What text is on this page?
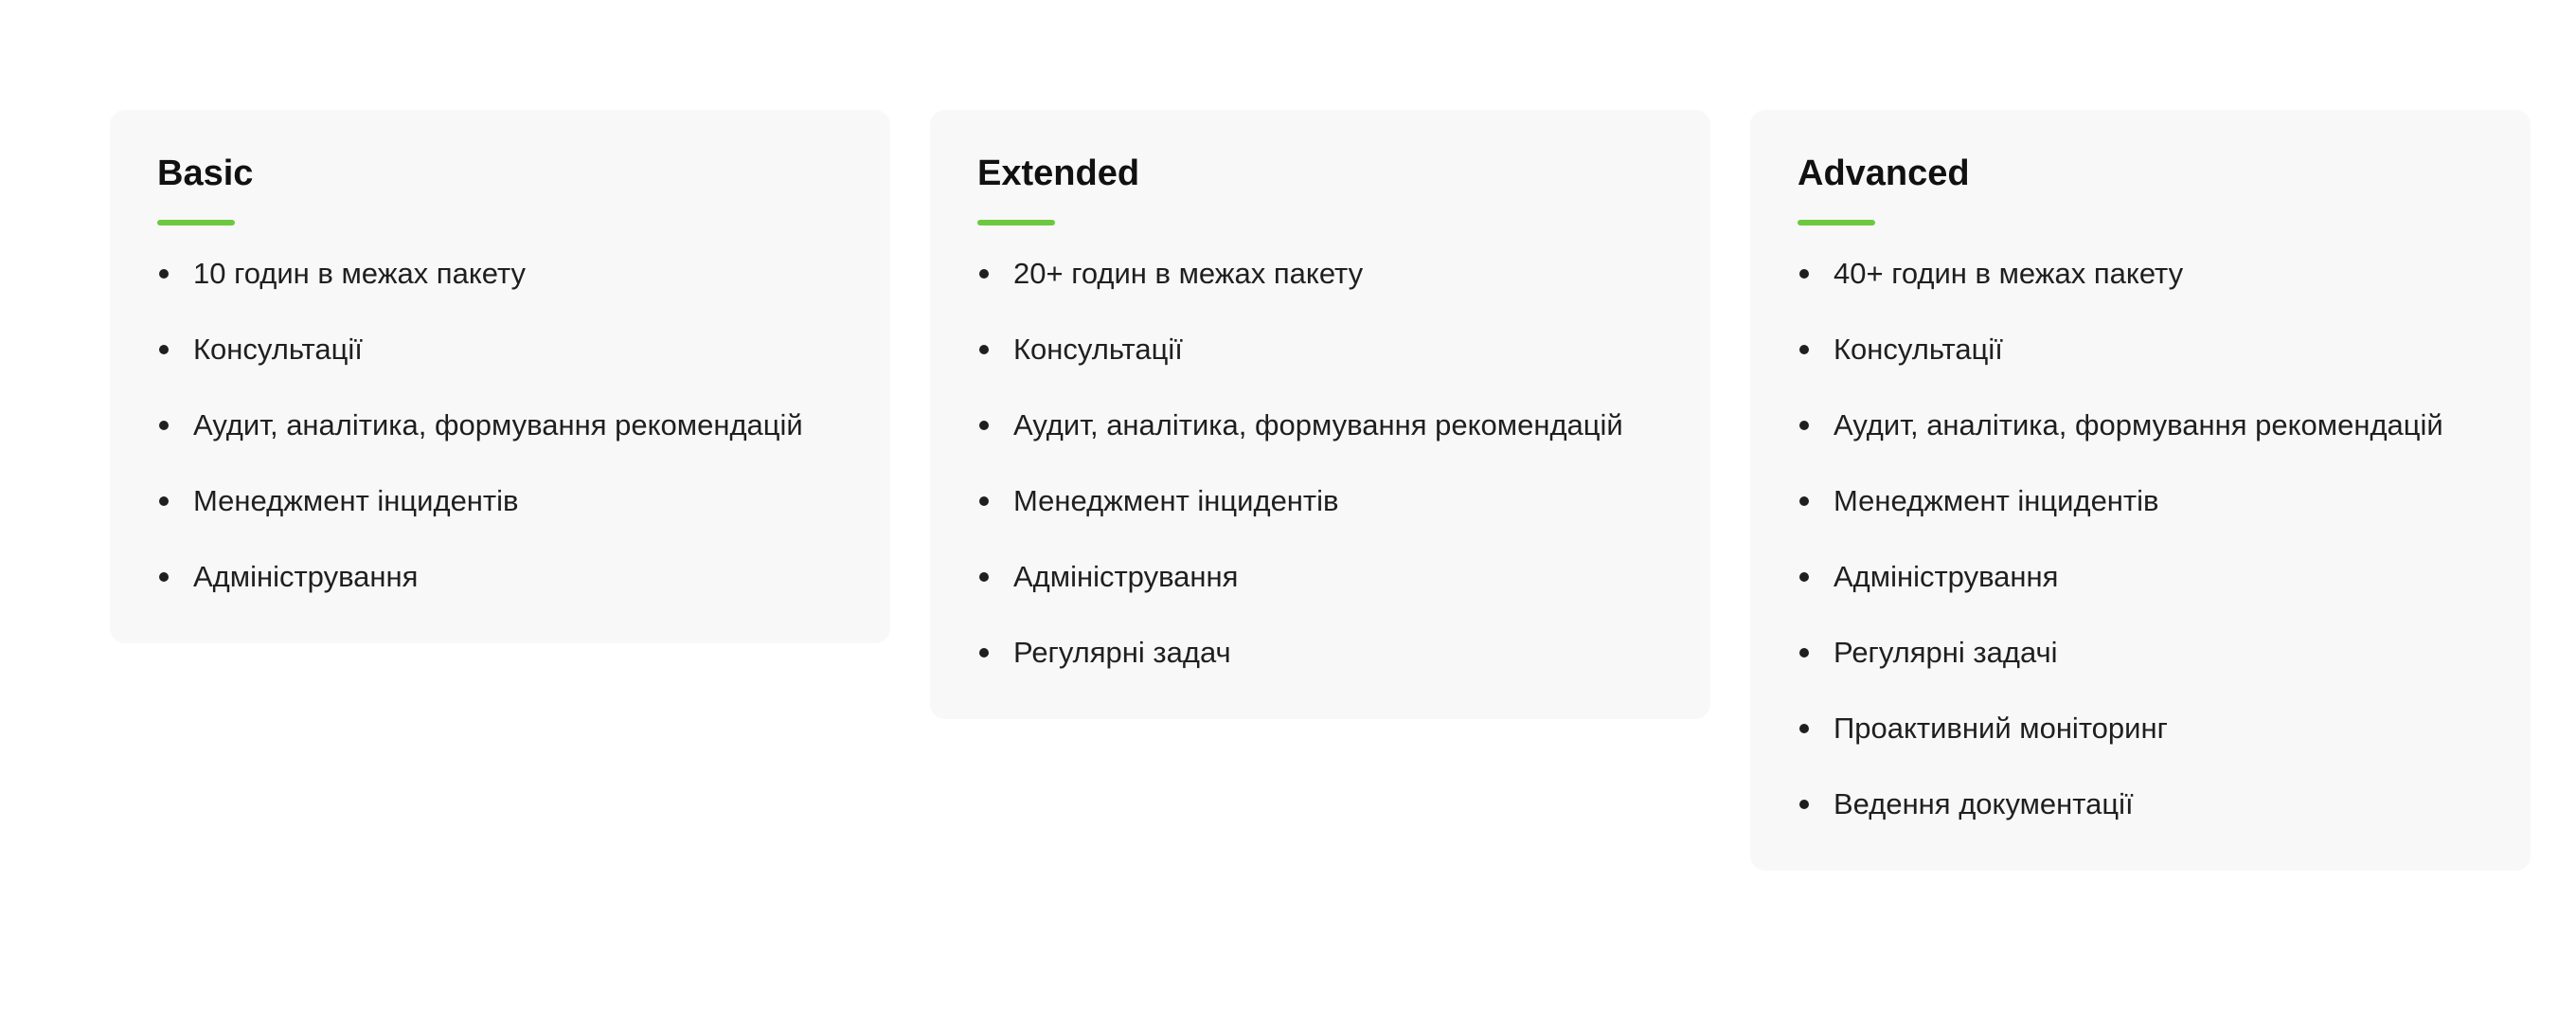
Basic
10 годин в межах пакету
Консультації
Аудит, аналітика, формування рекомендацій
Менеджмент інцидентів
Адміністрування
Extended
20+ годин в межах пакету
Консультації
Аудит, аналітика, формування рекомендацій
Менеджмент інцидентів
Адміністрування
Регулярні задач
Advanced
40+ годин в межах пакету
Консультації
Аудит, аналітика, формування рекомендацій
Менеджмент інцидентів
Адміністрування
Регулярні задачі
Проактивний моніторинг
Ведення документації
